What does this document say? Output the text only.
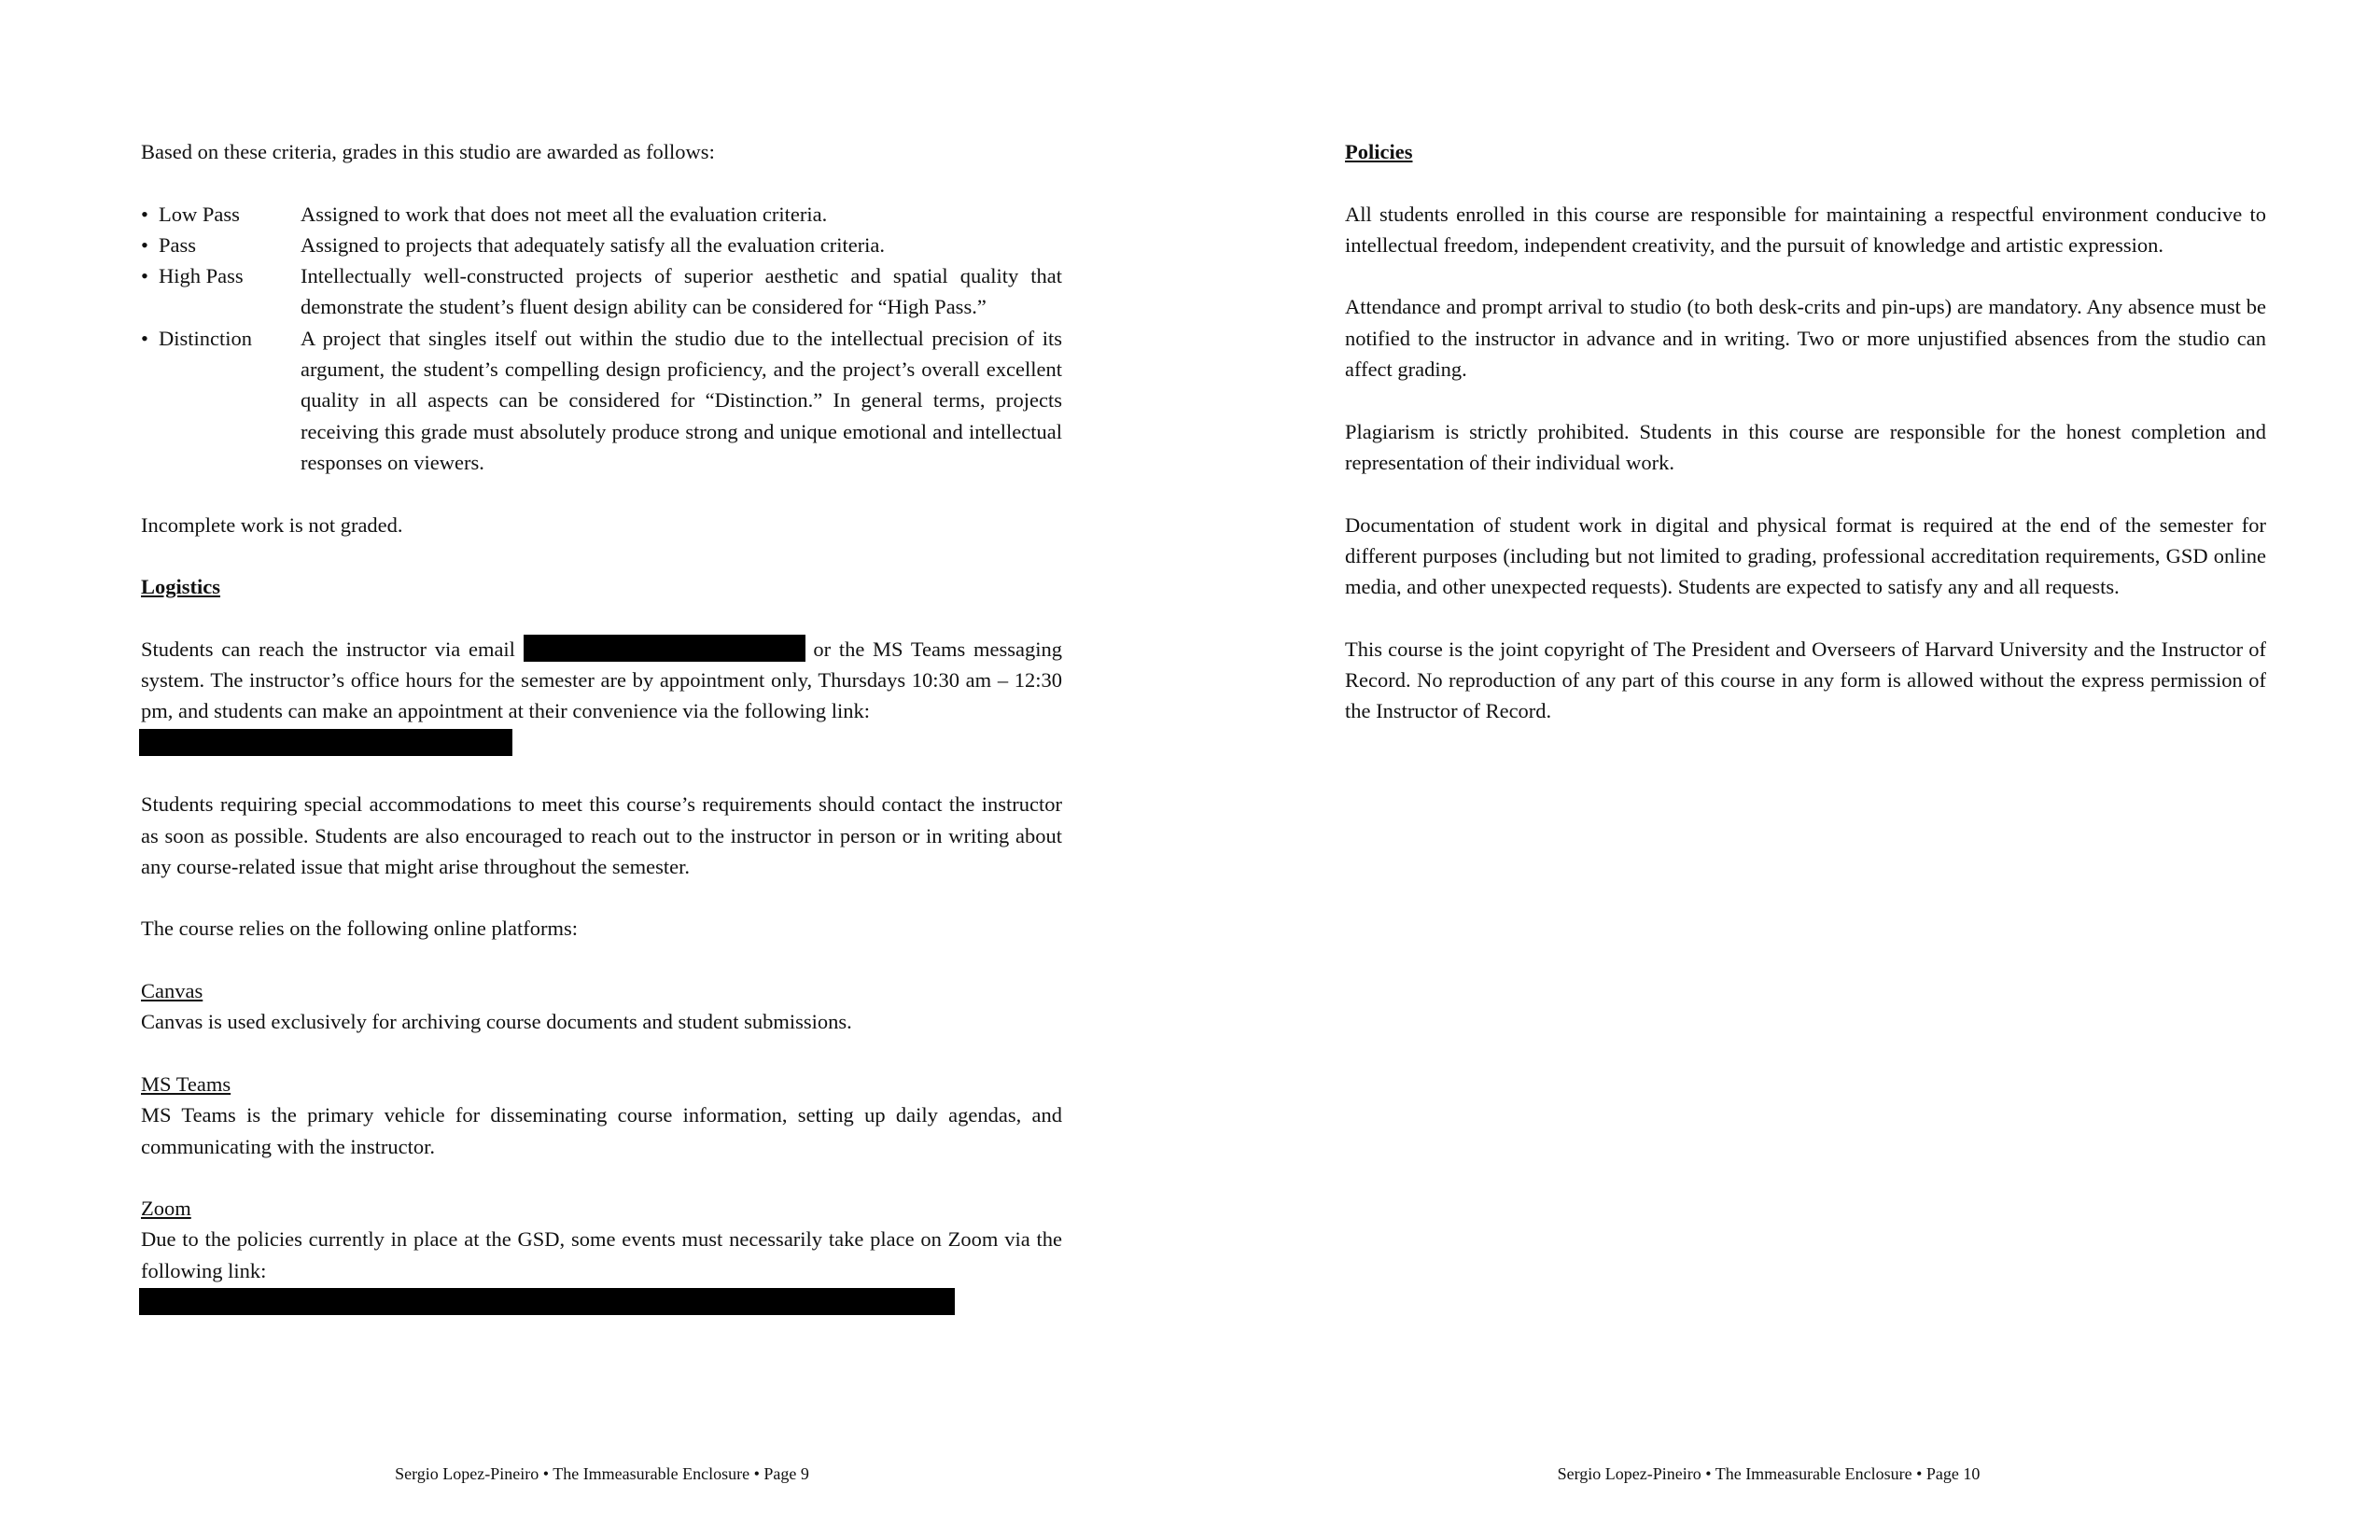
Based on these criteria, grades in this studio are awarded as follows:

• Low Pass	Assigned to work that does not meet all the evaluation criteria.
• Pass	Assigned to projects that adequately satisfy all the evaluation criteria.
• High Pass	Intellectually well-constructed projects of superior aesthetic and spatial quality that demonstrate the student’s fluent design ability can be considered for “High Pass.”
• Distinction	A project that singles itself out within the studio due to the intellectual precision of its argument, the student’s compelling design proficiency, and the project’s overall excellent quality in all aspects can be considered for “Distinction.” In general terms, projects receiving this grade must absolutely produce strong and unique emotional and intellectual responses on viewers.

Incomplete work is not graded.

Logistics

Students can reach the instructor via email	or the MS Teams messaging system. The instructor’s office hours for the semester are by appointment only, Thursdays 10:30 am – 12:30 pm, and students can make an appointment at their convenience via the following link:

Students requiring special accommodations to meet this course’s requirements should contact the instructor as soon as possible. Students are also encouraged to reach out to the instructor in person or in writing about any course-related issue that might arise throughout the semester.

The course relies on the following online platforms:

Canvas

Canvas is used exclusively for archiving course documents and student submissions.

MS Teams

MS Teams is the primary vehicle for disseminating course information, setting up daily agendas, and communicating with the instructor.

Zoom

Due to the policies currently in place at the GSD, some events must necessarily take place on Zoom via the following link:

Sergio Lopez-Pineiro • The Immeasurable Enclosure • Page 9
Policies

All students enrolled in this course are responsible for maintaining a respectful environment conducive to intellectual freedom, independent creativity, and the pursuit of knowledge and artistic expression.

Attendance and prompt arrival to studio (to both desk-crits and pin-ups) are mandatory. Any absence must be notified to the instructor in advance and in writing. Two or more unjustified absences from the studio can affect grading.

Plagiarism is strictly prohibited. Students in this course are responsible for the honest completion and representation of their individual work.

Documentation of student work in digital and physical format is required at the end of the semester for different purposes (including but not limited to grading, professional accreditation requirements, GSD online media, and other unexpected requests). Students are expected to satisfy any and all requests.

This course is the joint copyright of The President and Overseers of Harvard University and the Instructor of Record. No reproduction of any part of this course in any form is allowed without the express permission of the Instructor of Record.

Sergio Lopez-Pineiro • The Immeasurable Enclosure • Page 10
